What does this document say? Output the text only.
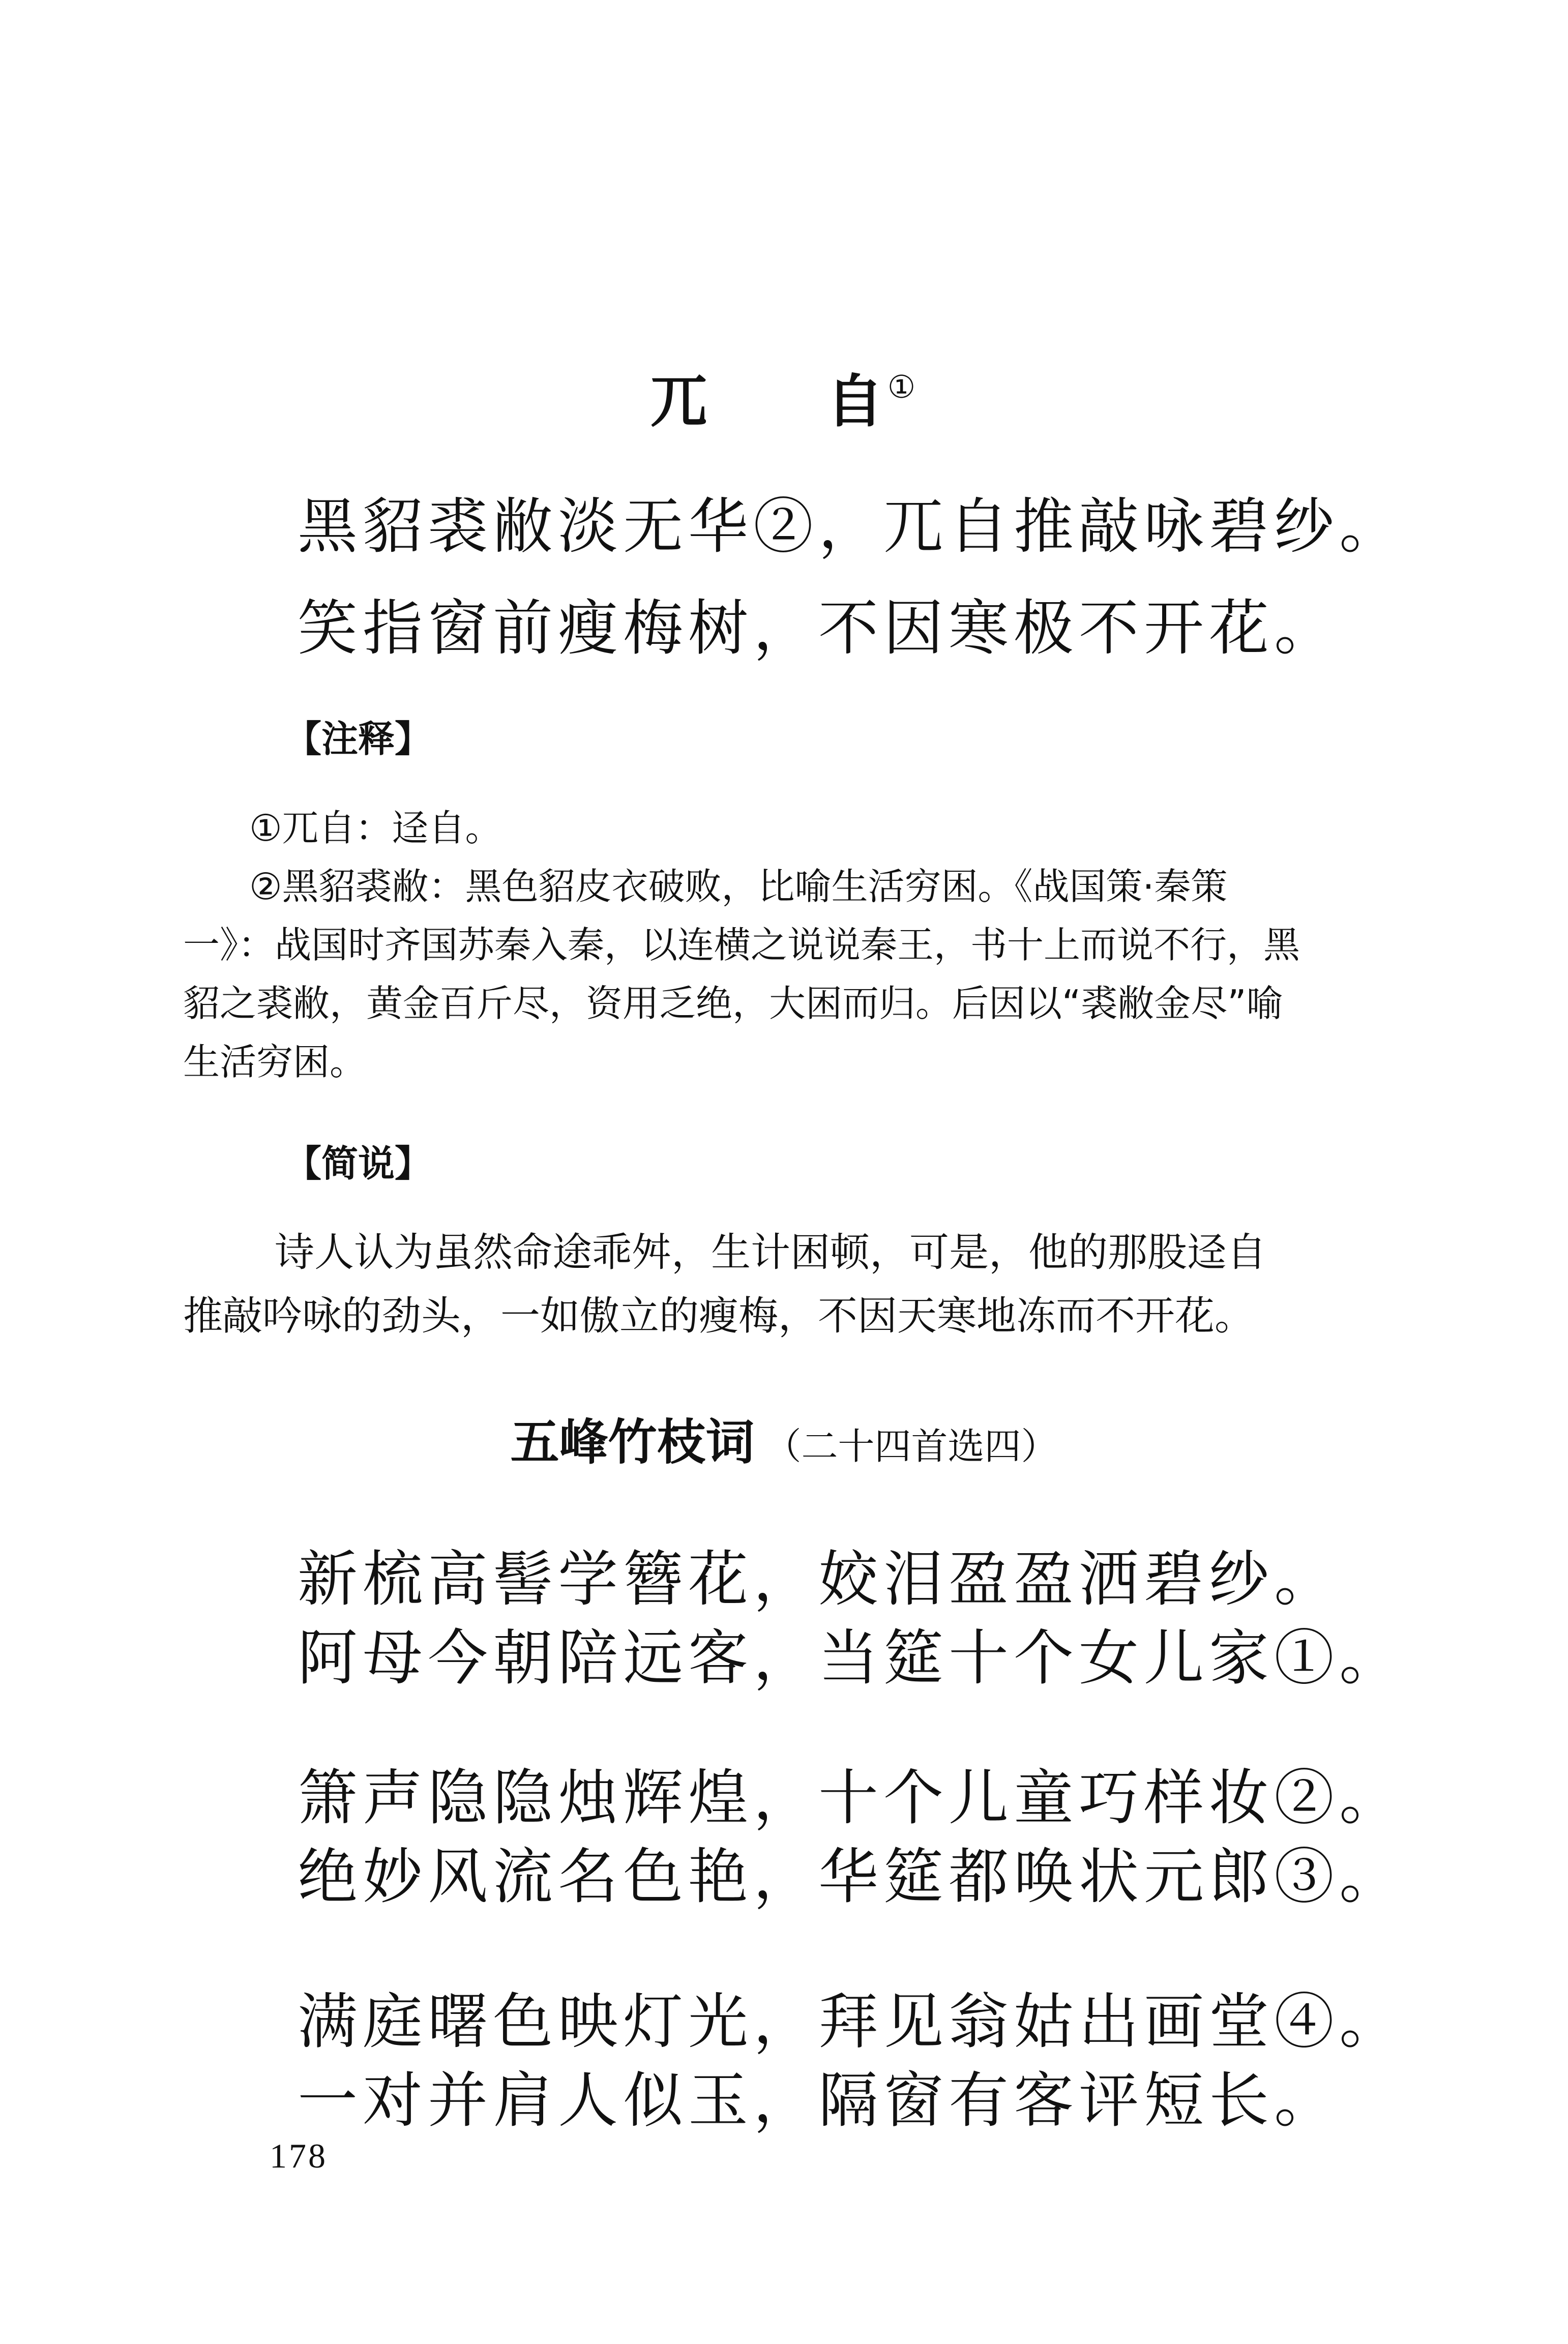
兀 自①
黑貂裘敝淡无华②，兀自推敲咏碧纱。
笑指窗前瘦梅树，不因寒极不开花。
【注释】
①兀自：迳自。
②黑貂裘敝：黑色貂皮衣破败，比喻生活穷困。《战国策·秦策
一》：战国时齐国苏秦入秦，以连横之说说秦王，书十上而说不行，黑
貂之裘敝，黄金百斤尽，资用乏绝，大困而归。后因以“裘敝金尽”喻
生活穷困。
【简说】
诗人认为虽然命途乖舛，生计困顿，可是，他的那股迳自
推敲吟咏的劲头，一如傲立的瘦梅，不因天寒地冻而不开花。
五峰竹枝词 （二十四首选四）
新梳高髻学簪花，姣泪盈盈洒碧纱。
阿母今朝陪远客，当筵十个女儿家①。
箫声隐隐烛辉煌，十个儿童巧样妆②。
绝妙风流名色艳，华筵都唤状元郎③。
满庭曙色映灯光，拜见翁姑出画堂④。
一对并肩人似玉，隔窗有客评短长。
178
